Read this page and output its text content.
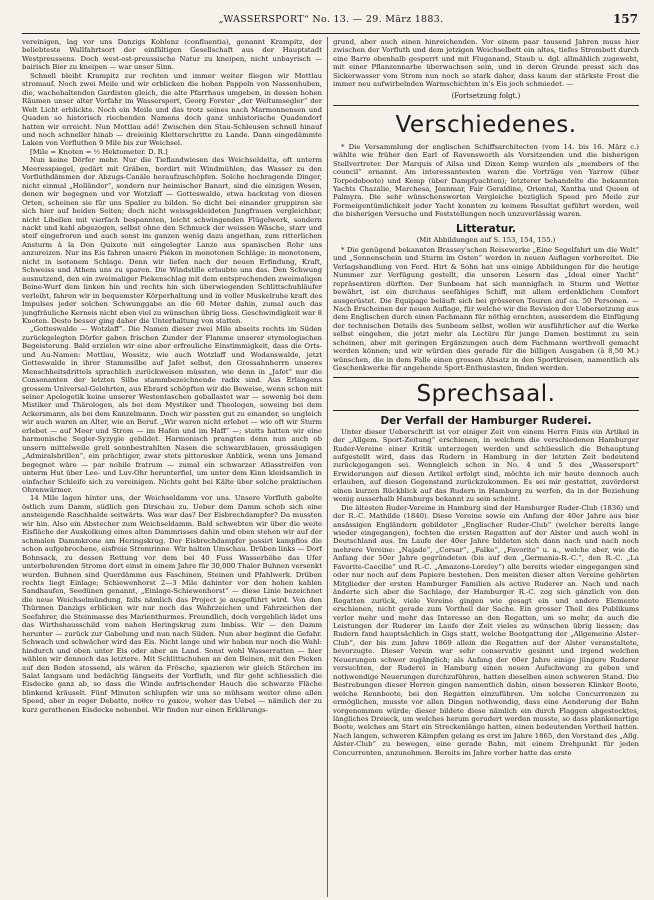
„WASSERSPORT“ No. 13. — 29. März 1883.	157

vereinigen, lag vor uns Danzigs Koblenz (confluentia), genannt Krampitz, der beliebteste Wallfahrtsort der einfältigen Gesellschaft aus der Hauptstadt Westpreussens. Doch west-ost-preussische Natur zu kneipen, nicht unbayrisch — bairisch Bier zu kneipen — war unser Sinn.

Schnell bleibt Krampitz zur rechten und immer weiter fliegen wir Mottlau stromauf. Noch zwei Meile und wir erblicken die hohen Pappeln von Nassenhuben, die, wachehaltenden Gardisten gleich, die alte Pfarrhaus umgeben, in dessen hohen Räumen unser alter Vorfahr im Wassersport, Georg Forster „der Weltumsegler“ der Welt Licht erblickte. Noch ein Meile und das trotz seines nach Marmonnensen und Quaden so historisch riechenden Namens doch ganz unhistorische Quadendorf hatten wir erreicht. Nun Mottlau adé! Zwischen den Stau-Schleusen schnell hinauf und noch schneller hinab — dreieinig Kletterschritte zu Lande. Dann eingedämmte Laken von Vorfluthen 9 Mile bis zur Weichsel.

[Mile = Knoten = ½ Hektometer. D. R.]

Nun keine Dörfer mehr. Nur die Tieflandwiesen des Weichseldelta, oft unterm Meeresspiegel, gedärt mit Gräben, bordirt mit Windmühlen, das Wasser zu den Vorfluthdämmen der Abzugs-Canäle heraufzuschöpfen. Solche hochragende Dinger, nicht einmal „Holländer“, sondern nur heimischer Banart, sind die einzigen Wesen, denen wir begegnen und vor Wotzlaff — Gotteswalde, etwa backstag von diesen Orten, scheinen sie für uns Spalier zu bilden. So dicht bei einander gruppiren sie sich hier auf beiden Seiten; doch nicht weissgekleideten Jungfrauen vergleichbar, nicht Libellen mit vierfach bespannten, leicht schwingenden Flügelwerk, sondern nackt und kahl abgezogen, selbst ohne den Schmuck der weissen Wäsche, starr und steif eingefroren und auch sonst im ganzen wenig dazu angethan, zum ritterlichen Ansturm à la Don Quixote mit eingelegter Lanze aus spanischen Rohr uns anzureizen. Nur ins Eis fahren unsere Piéken in monotonen Schläge: in monotonem, nicht in isotonem Schlage. Denn wir liefen nach der neuen Erfindung, Kraft, Schweiss und Athem uns zu sparen. Die Windstille erlaubte uns das. Den Schwung ausnutzend, den ein zweimaliger Piekenschlag mit dem entsprechenden zweimaligen Beine-Wurf dem linken hin und rechts hin sich überwiegenden Schlittschuhläufer verleiht, fahren wir in bequemster Körperhaltung und in voller Muskelruhe kraft des Impulses jeder solchen Schwunggabe an die 60 Meter dahin, zumal auch das jungfräuliche Kerneis nicht eben viel zu wünschen übrig liess. Geschwindigkeit war 8 Knoten. Desto besser ging daher die Unterhaltung von statten.

„Gotteswalde — Wotzlaff“. Die Namen dieser zwei Mile abseits rechts im Süden zurückgelegten Dörfer gaben frischen Zunder der Flamme unserer etymologischen Begeisterung. Bald erzielen wir eine aber erfreuliche Einstimmigkeit, dass die Orts- und Au-Namen: Mottlau, Wossitz, wie auch Wotzlaff und Wodanswalde, jetzt Gotteswalde in ihrer Stammsilbe auf Jafet selbst, den Grossahnherrn unseres Menschheitsdrittels sprachlich zurückweisen müssten, wie denn in „Jafet“ nur die Consonanten der letzten Silbe stammbezeichnende radix sind. Aus Erlangens grossem Universal-Gelehrten, aus Ebrard schöpften wir die Beweise, wenn schon mit seiner Apologetik keine unserer Westentaschen geballastet war — sowenig bei dem Mistiker und Thärologen, als bei dem Mystiker und Theologen, soweing bei dem Ackersmann, als bei dem Kanzelmann. Doch wir passten gut zu einander, so ungleich wir auch waren an Alter, wie an Beruf. „Wir waren nicht erlebet — wie oft wir Sturm erlebet — auf Meer und Strom — im Hafen und im Haff“ —; statts hatten wir eine harmonische Segler-Syzygie gebildet. Harmonisch prangten denn nun auch ob unsern mittelweile grell sonnbestrahlten Nasen die schwarzblauen, grossäugigen „Admiralsbrillen“, ein prächtiger, zwar stets pittoresker Anblick, wenn uns Jemand begegnet wäre — par nobile fratrum — zumal ein schwarzer Atlasstreifen von unterm Hut über Lee- und Luv-Ohr herunterfiel, um unter dem Kinn kleidsamlich in einfacher Schleife sich zu vereinigen. Nichts geht bei Kälte über solche praktischen Ohrenwärmer.

14 Mile lagen hinter uns, der Weichseldamm vor uns. Unsere Vorfluth gabelte östlich zum Damm, südlich gen Dirschau zu. Ueber dem Damm schob sich eine ansteigende Raschhalde seitwärts. Was war das? Der Eisbrechdampfer? Da mussten wir hin. Also ein Abstecher zum Weichseldamm. Bald schwebten wir über die weite Eisfläche der Auskolkung eines alten Dammrisses dahin und oben stehen wir auf der schmalen Dammkrone am Heringskrug. Der Eisbrechdampfer passirt kampflos die schon aufgebrochene, eisfreie Stromrinne. Wir halten Umschau. Drüben links — Dorf Bohnsack, zu dessen Rettung vor dem bei 40 Fuss Wasserhöhe das Ufer unterbohrenden Strome dort einst in einem Jahre für 30,000 Thaler Buhnen versenkt wurden. Buhnen sind Querdämme aus Faschinen, Steinen und Pfahlwerk. Drüben rechts liegt Einlage; Schiewenhorst 2—3 Mile dahinter vor den hohen kahlen Sandhaufen, Seedünen genannt, „Einlage-Schiewenhorst“ — diese Linie bezeichnet die neue Weichselmündung, falls nämlich das Project je ausgeführt wird. Von den Thürmen Danzigs erblicken wir nur noch das Wahrzeichen und Fahrzeichen der Seefahrer, die Steinmasse des Marienthurmes. Freundlich, doch vergeblich lädet uns das Wirthshausschild vom nahen Heringskrug zum Imbiss. Wir — den Damm herunter — zurück zur Gabelung und nun nach Süden. Nun aber beginnt die Gefahr. Schwach und schwächer wird das Eis. Nicht lange und wir haben nur noch die Wahl: hindurch und oben unter Eis oder aber an Land. Sonst wohl Wasserratten — hier wählen wir dennoch das letztere. Mit Schlittschuhen an den Beinen, mit den Pieken auf den Boden stossend, als wären da Frösche, spazieren wir gleich Störchen im Salat langsam und bedächtig längseits der Vorfluth, und für geht schliesslich die Eisdecke ganz ab, so dass die Winde aufrischender Hauch die schwarze Fläche blinkend kräuselt. Fünf Minuten schlupfen wir uns so mühsam weiter ohne allen Speed, aber in reger Debatte, ποθεν το χακον, woher das Uebel — nämlich der zu kurz gerathenen Eisdecke nebenbei. Wir finden nur einen Erklärungs-

grund, aber auch einen hinreichenden. Vor einem paar tausend Jahren muss hier zwischen der Vorfluth und dem jetzigen Weichselbett ein altes, tiefes Strombett durch eine Barre obenhalb gesperrt und mit Fluganand, Staub u. dgl. allmählich zugeweht, mit einer Pflanzennarbe überwachsen sein, und in deren Grunde presst sich das Sickerwasser vom Strom nun noch so stark daher, dass kaum der stärkste Frost die immer neu aufwirbelnden Warmschichten in's Eis joch schmiedet. —

(Fortsetzung folgt.)
Verschiedenes.

* Die Versammlung der englischen Schiffsarchitecten (vom 14. bis 16. März c.) wählte wie früher den Earl of Ravensworth als Vorsitzenden und die bisherigen Stellvertreter. Der Marquis of Ailsa und Dixon Kemp wurden als „members of the council“ ernannt. Am interessantesten waren die Vorträge von Yarrow (über Torpedoboote) und Kemp (über Dampfyachten); letzterer behandelte die bekannten Yachts Chazalie, Marchesa, Jeanmar, Fair Geraldine, Oriental, Xantha und Queen of Palmyra. Die sehr wünschenswerten Vergleiche bezüglich Speed pro Meile zur Formeigentümlichkeit jeder Yacht konnten zu keinem Resultat geführt werden, weil die bisherigen Versuche und Feststellungen noch unzuverlässig waren.

Litteratur.
(Mit Abbildungen auf S. 153, 154, 155.)

* Die genügend bekannten Brassey'schen Reisewerke „Eine Segelfahrt um die Welt“ und „Sonnenschein und Sturm im Osten“ werden in neuen Auflagen vorbereitet. Die Verlagshandlung von Ferd. Hirt & Sohn hat uns einige Abbildungen für die heutige Nummer zur Verfügung gestellt, die unseren Lesern das „Ideal einer Yacht“ repräsentiren dürften. Der Sunbeam hat sich mannigfach in Sturm und Wetter bewährt, ist ein durchaus seefähiges Schiff, mit allem erdenklichen Comfort ausgerüstet. Die Equipage beläuft sich bei grösseren Touren auf ca. 50 Personen. — Nach Erscheinen der neuen Auflage, für welche wir die Revision der Uebersetzung aus dem Englischen durch einen Fachmann für nöthig erachten, ausserdem die Einfügung der technischen Details des Sunbeam selbst, wollen wir ausführlicher auf die Werke selbst eingehen, die jetzt mehr als Lectüre für junge Damen bestimmt zu sein scheinen, aber mit geringen Ergänzungen auch dem Fachmann werthvoll gemacht werden können; und wir würden dies gerade für die billigen Ausgaben (à 8,50 M.) wünschen, die in dem Falle einen grossen Absatz in den Sportkreisen, namentlich als Geschenkwerke für angehende Sport-Enthusiasten, finden werden.

Sprechsaal.
Der Verfall der Hamburger Ruderei.

Unter dieser Ueberschrift ist vor einiger Zeit von einem Herrn Finis ein Artikel in der „Allgem. Sport-Zeitung“ erschienen, in welchem die verschiedenen Hamburger Ruder-Vereine einer Kritik unterzogen werden und schliesslich die Behauptung aufgestellt wird, dass das Rudern in Hamburg in der letzten Zeit bedeutend zurückgegangen sei. Wenngleich schon in No. 4 und 5 des „Wassersport“ Erwiderungen auf diesen Artikel erfolgt sind, möchte ich mir heute dennoch auch erlauben, auf diesen Gegenstand zurückzukommen. Es sei mir gestattet, zuvörderst einen kurzen Rückblick auf das Rudern in Hamburg zu werfen, da in der Beziehung wenig ausserhalb Hamburgs bekannt zu sein scheint.

Die ältesten Ruder-Vereine in Hamburg sind der Hamburger Ruder-Club (1836) und der R.-C. Mathilde (1840). Diese Vereine sowie ein Anfang der 40er Jahre aus hier ansässigen Engländern gebildeter „Englischer Ruder-Club“ (welcher bereits lange wieder eingegangen), fochten die ersten Regatten auf der Alster und auch wohl in Deutschland aus. Im Laufe der 40er Jahre bildeten sich dann nach und nach noch mehrere Vereine: „Najade“, „Corsar“, „Falke“, „Favorite“ u. a., welche aber, wie die Anfang der 50er Jahre gegründeten (bis auf den „Germania-R.-C.“, den R.-C. „La Favorite-Caecilie“ und R.-C. „Amazone-Loreley“) alle bereits wieder eingegangen sind oder nur noch auf dem Papiere bestehen. Den meisten dieser alten Vereine gehörten Mitglieder der ersten Hamburger Familien als active Ruderer an. Nach und nach änderte sich aber die Sachlage, der Hamburger R.-C. zog sich gänzlich von den Regatten zurück, viele Vereine gingen wie gesagt ein und andere Elemente erschienen, nicht gerade zum Vortheil der Sache. Ein grosser Theil des Publikums verlor mehr und mehr das Interesse an den Regatten, um so mehr, da auch die Leistungen der Ruderer im Laufe der Zeit vieles zu wünschen übrig liessen; das Rudern fand hauptsächlich in Gigs statt, welche Bootgattung der „Allgemeine Alster-Club“, der bis zum Jahre 1869 allein die Regatten auf der Alster veranstaltete, bevorzugte. Dieser Verein war sehr conservativ gesinnt und irgend welchen Neuerungen schwer zugänglich; als Anfang der 60er Jahre einige jüngere Ruderer versuchten, der Ruderei in Hamburg einen neuen Aufschwung zu geben und nothwendige Neuerungen durchzuführen, hatten dieselben einen schweren Stand. Die Bestrebungen dieser Herren gingen namentlich dahin, einen besseren Klinker Boote, welche Rennboote, bei den Regatten einzuführen. Um solche Concurrenzen zu ermöglichen, musste vor allen Dingen nothwendig, dass eine Aenderung der Bahn vorgenommen würde; dieser bildete diese nämlich ein durch Flaggen abgestecktes, längliches Dreieck, um welches herum gerudert werden musste, so dass plankenartige Boote, welches am Start ein Streckenlänge hatten, einen bedeutenden Vortheil hatten. Nach langen, schweren Kämpfen gelang es erst im Jahre 1865, den Vorstand des „Allg. Alster-Club“ zu bewegen, eine gerade Bahn, mit einem Drehpunkt für jeden Concurrenten, anzunehmen. Bereits im Jahre vorher hatte das erste
